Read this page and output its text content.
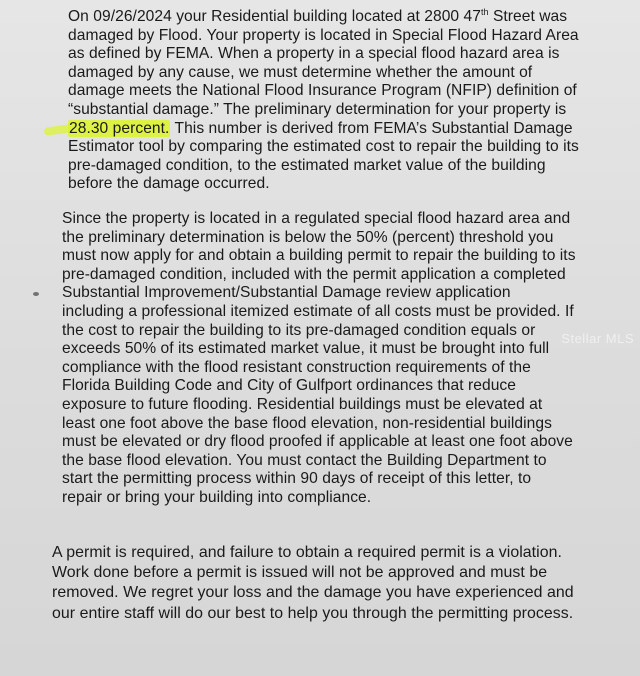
On 09/26/2024 your Residential building located at 2800 47th Street was
damaged by Flood. Your property is located in Special Flood Hazard Area
as defined by FEMA. When a property in a special flood hazard area is
damaged by any cause, we must determine whether the amount of
damage meets the National Flood Insurance Program (NFIP) definition of
“substantial damage.” The preliminary determination for your property is
28.30 percent. This number is derived from FEMA’s Substantial Damage
Estimator tool by comparing the estimated cost to repair the building to its
pre-damaged condition, to the estimated market value of the building
before the damage occurred.

Since the property is located in a regulated special flood hazard area and
the preliminary determination is below the 50% (percent) threshold you
must now apply for and obtain a building permit to repair the building to its
pre-damaged condition, included with the permit application a completed
Substantial Improvement/Substantial Damage review application
including a professional itemized estimate of all costs must be provided. If
the cost to repair the building to its pre-damaged condition equals or
exceeds 50% of its estimated market value, it must be brought into full
compliance with the flood resistant construction requirements of the
Florida Building Code and City of Gulfport ordinances that reduce
exposure to future flooding. Residential buildings must be elevated at
least one foot above the base flood elevation, non-residential buildings
must be elevated or dry flood proofed if applicable at least one foot above
the base flood elevation. You must contact the Building Department to
start the permitting process within 90 days of receipt of this letter, to
repair or bring your building into compliance.

Stellar MLS

A permit is required, and failure to obtain a required permit is a violation.
Work done before a permit is issued will not be approved and must be
removed. We regret your loss and the damage you have experienced and
our entire staff will do our best to help you through the permitting process.
